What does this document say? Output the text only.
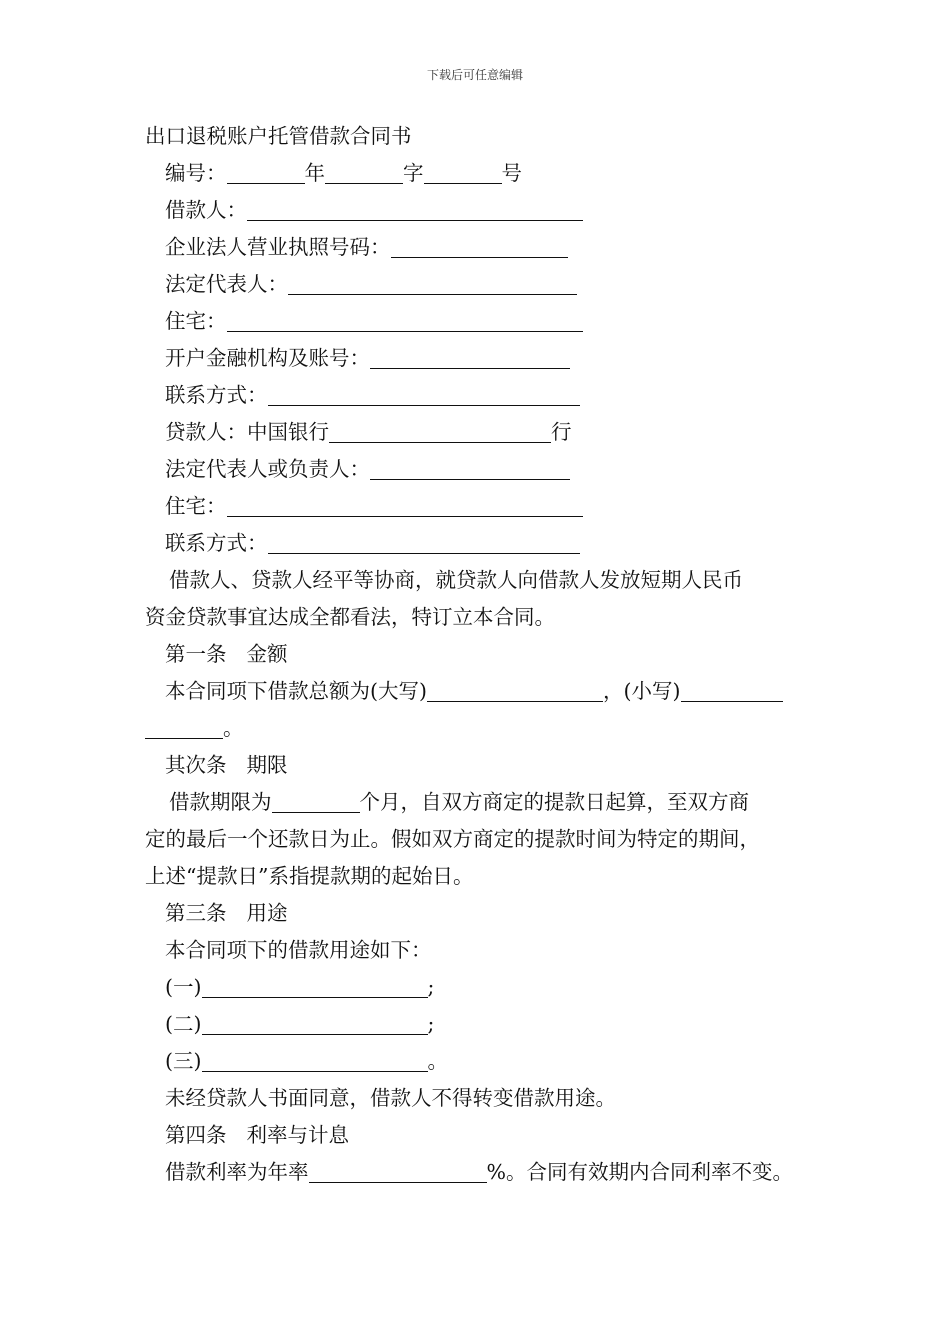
下载后可任意编辑
出口退税账户托管借款合同书
编号：	年	字	号
借款人：
企业法人营业执照号码：
法定代表人：
住宅：
开户金融机构及账号：
联系方式：
贷款人：中国银行	行
法定代表人或负责人：
住宅：
联系方式：
借款人、贷款人经平等协商，就贷款人向借款人发放短期人民币
资金贷款事宜达成全都看法，特订立本合同。
第一条 金额
本合同项下借款总额为(大写)	，(小写)
。
其次条 期限
借款期限为	个月，自双方商定的提款日起算，至双方商
定的最后一个还款日为止。假如双方商定的提款时间为特定的期间，
上述“提款日”系指提款期的起始日。
第三条 用途
本合同项下的借款用途如下：
(一)	;
(二)	;
(三)	。
未经贷款人书面同意，借款人不得转变借款用途。
第四条 利率与计息
借款利率为年率	%。合同有效期内合同利率不变。
